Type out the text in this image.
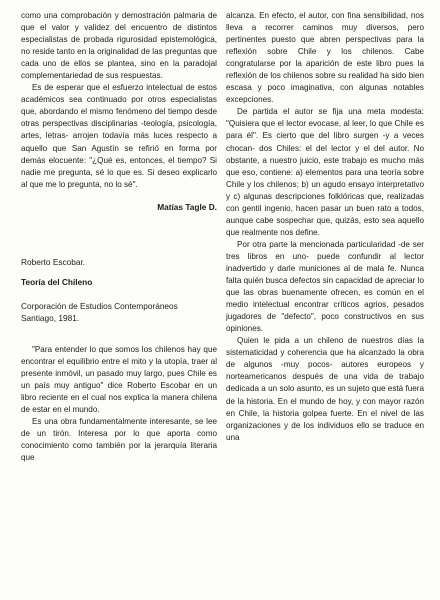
como una comprobación y demostración palmaria de que el valor y validez del encuentro de distintos especialistas de probada rigurosidad epistemológica, no reside tanto en la originalidad de las preguntas que cada uno de ellos se plantea, sino en la paradojal complementariedad de sus respuestas.

Es de esperar que el esfuerzo intelectual de estos académicos sea continuado por otros especialistas que, abordando el mismo fenómeno del tiempo desde otras perspectivas disciplinarias -teología, psicología, artes, letras- arrojen todavía más luces respecto a aquello que San Agustín se refirió en forma por demás elocuente: "¿Qué es, entonces, el tiempo? Si nadie me pregunta, sé lo que es. Si deseo explicarlo al que me lo pregunta, no lo sé".

Matías Tagle D.

Roberto Escobar.

Teoría del Chileno

Corporación de Estudios Contemporáneos

Santiago, 1981.

"Para entender lo que somos los chilenos hay que encontrar el equilibrio entre el mito y la utopía, traer al presente inmóvil, un pasado muy largo, pues Chile es un país muy antiguo" dice Roberto Escobar en un libro reciente en el cual nos explica la manera chilena de estar en el mundo.

Es una obra fundamentalmente interesante, se lee de un tirón. Interesa por lo que aporta como conocimiento como también por la jerarquía literaria que

alcanza. En efecto, el autor, con fina sensibilidad, nos lleva a recorrer caminos muy diversos, pero pertinentes puesto que abren perspectivas para la reflexión sobre Chile y los chilenos. Cabe congratularse por la aparición de este libro pues la reflexión de los chilenos sobre su realidad ha sido bien escasa y poco imaginativa, con algunas notables excepciones.

De partida el autor se fija una meta modesta: "Quisiera que el lector evocase, al leer, lo que Chile es para él". Es cierto que del libro surgen -y a veces chocan- dos Chiles: el del lector y el del autor. No obstante, a nuestro juicio, este trabajo es mucho más que eso, contiene: a) elementos para una teoría sobre Chile y los chilenos; b) un agudo ensayo interpretativo y c) algunas descripciones folklóricas que, realizadas con gentil ingenio, hacen pasar un buen rato a todos, aunque cabe sospechar que, quizás, esto sea aquello que realmente nos define.

Por otra parte la mencionada particularidad -de ser tres libros en uno- puede confundir al lector inadvertido y darle municiones al de mala fe. Nunca falta quién busca defectos sin capacidad de apreciar lo que las obras buenamente ofrecen, es común en el medio intelectual encontrar críticos agrios, pesados jugadores de "defecto", poco constructivos en sus opiniones.

Quien le pida a un chileno de nuestros días la sistematicidad y coherencia que ha alcanzado la obra de algunos -muy pocos- autores europeos y norteamericanos después de una vida de trabajo dedicada a un solo asunto, es un sujeto que está fuera de la historia. En el mundo de hoy, y con mayor razón en Chile, la historia golpea fuerte. En el nivel de las organizaciones y de los individuos ello se traduce en una
